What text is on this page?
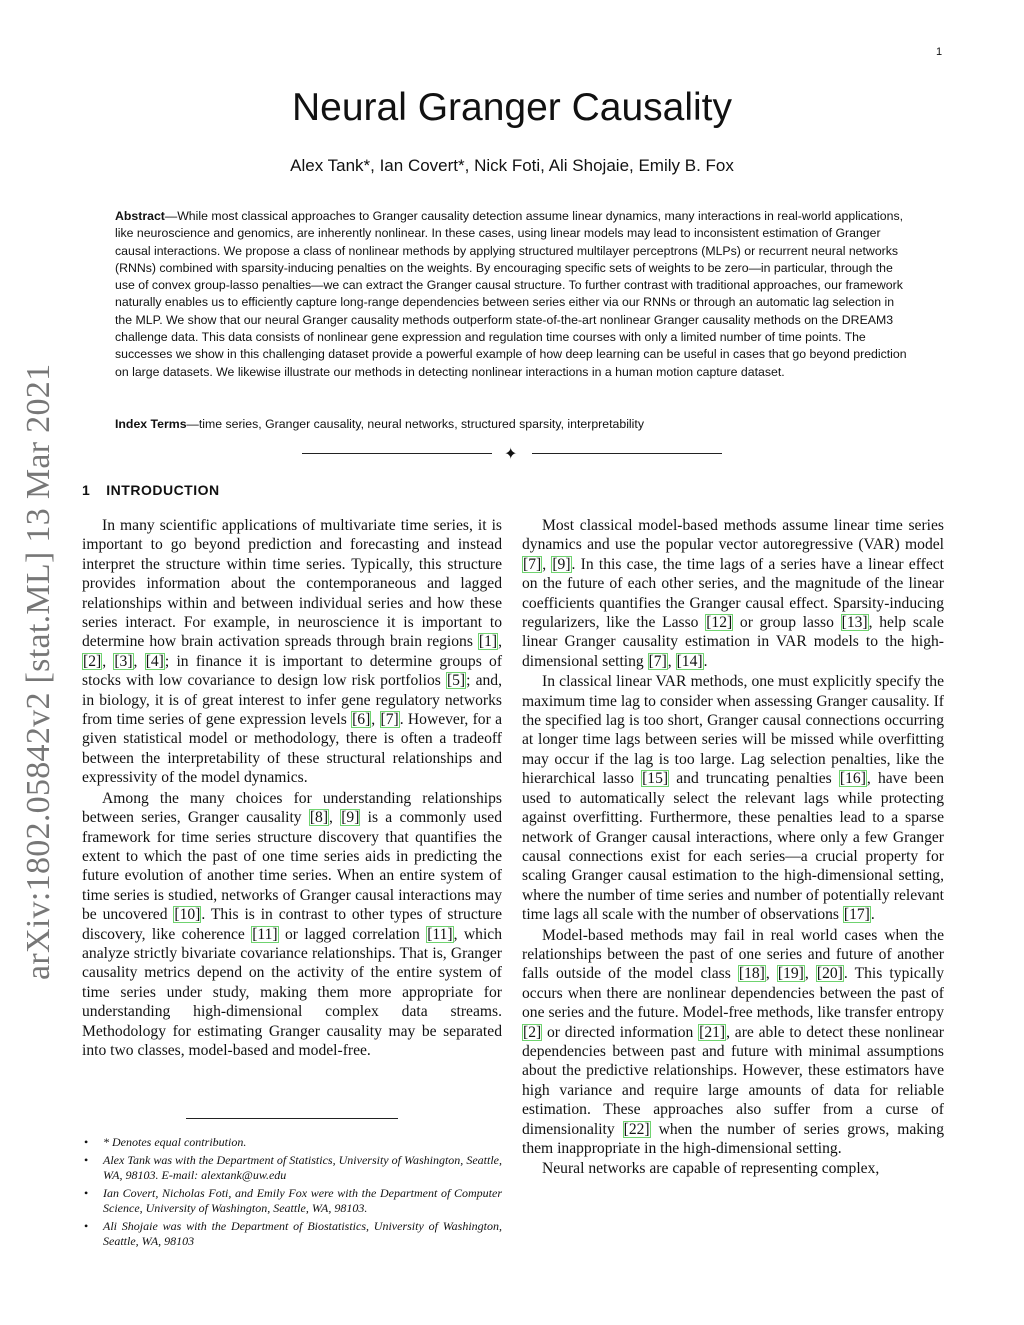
1
arXiv:1802.05842v2 [stat.ML] 13 Mar 2021
Neural Granger Causality
Alex Tank*, Ian Covert*, Nick Foti, Ali Shojaie, Emily B. Fox
Abstract—While most classical approaches to Granger causality detection assume linear dynamics, many interactions in real-world applications, like neuroscience and genomics, are inherently nonlinear. In these cases, using linear models may lead to inconsistent estimation of Granger causal interactions. We propose a class of nonlinear methods by applying structured multilayer perceptrons (MLPs) or recurrent neural networks (RNNs) combined with sparsity-inducing penalties on the weights. By encouraging specific sets of weights to be zero—in particular, through the use of convex group-lasso penalties—we can extract the Granger causal structure. To further contrast with traditional approaches, our framework naturally enables us to efficiently capture long-range dependencies between series either via our RNNs or through an automatic lag selection in the MLP. We show that our neural Granger causality methods outperform state-of-the-art nonlinear Granger causality methods on the DREAM3 challenge data. This data consists of nonlinear gene expression and regulation time courses with only a limited number of time points. The successes we show in this challenging dataset provide a powerful example of how deep learning can be useful in cases that go beyond prediction on large datasets. We likewise illustrate our methods in detecting nonlinear interactions in a human motion capture dataset.
Index Terms—time series, Granger causality, neural networks, structured sparsity, interpretability
✦
1 INTRODUCTION

In many scientific applications of multivariate time series, it is important to go beyond prediction and forecasting and instead interpret the structure within time series. Typically, this structure provides information about the contemporaneous and lagged relationships within and between individual series and how these series interact. For example, in neuroscience it is important to determine how brain activation spreads through brain regions [1], [2], [3], [4]; in finance it is important to determine groups of stocks with low covariance to design low risk portfolios [5]; and, in biology, it is of great interest to infer gene regulatory networks from time series of gene expression levels [6], [7]. However, for a given statistical model or methodology, there is often a tradeoff between the interpretability of these structural relationships and expressivity of the model dynamics.

Among the many choices for understanding relationships between series, Granger causality [8], [9] is a commonly used framework for time series structure discovery that quantifies the extent to which the past of one time series aids in predicting the future evolution of another time series. When an entire system of time series is studied, networks of Granger causal interactions may be uncovered [10]. This is in contrast to other types of structure discovery, like coherence [11] or lagged correlation [11], which analyze strictly bivariate covariance relationships. That is, Granger causality metrics depend on the activity of the entire system of time series under study, making them more appropriate for understanding high-dimensional complex data streams. Methodology for estimating Granger causality may be separated into two classes, model-based and model-free.

Most classical model-based methods assume linear time series dynamics and use the popular vector autoregressive (VAR) model [7], [9]. In this case, the time lags of a series have a linear effect on the future of each other series, and the magnitude of the linear coefficients quantifies the Granger causal effect. Sparsity-inducing regularizers, like the Lasso [12] or group lasso [13], help scale linear Granger causality estimation in VAR models to the high-dimensional setting [7], [14].

In classical linear VAR methods, one must explicitly specify the maximum time lag to consider when assessing Granger causality. If the specified lag is too short, Granger causal connections occurring at longer time lags between series will be missed while overfitting may occur if the lag is too large. Lag selection penalties, like the hierarchical lasso [15] and truncating penalties [16], have been used to automatically select the relevant lags while protecting against overfitting. Furthermore, these penalties lead to a sparse network of Granger causal interactions, where only a few Granger causal connections exist for each series—a crucial property for scaling Granger causal estimation to the high-dimensional setting, where the number of time series and number of potentially relevant time lags all scale with the number of observations [17].

Model-based methods may fail in real world cases when the relationships between the past of one series and future of another falls outside of the model class [18], [19], [20]. This typically occurs when there are nonlinear dependencies between the past of one series and the future. Model-free methods, like transfer entropy [2] or directed information [21], are able to detect these nonlinear dependencies between past and future with minimal assumptions about the predictive relationships. However, these estimators have high variance and require large amounts of data for reliable estimation. These approaches also suffer from a curse of dimensionality [22] when the number of series grows, making them inappropriate in the high-dimensional setting.

Neural networks are capable of representing complex,

• * Denotes equal contribution.
• Alex Tank was with the Department of Statistics, University of Washington, Seattle, WA, 98103. E-mail: alextank@uw.edu
• Ian Covert, Nicholas Foti, and Emily Fox were with the Department of Computer Science, University of Washington, Seattle, WA, 98103.
• Ali Shojaie was with the Department of Biostatistics, University of Washington, Seattle, WA, 98103
